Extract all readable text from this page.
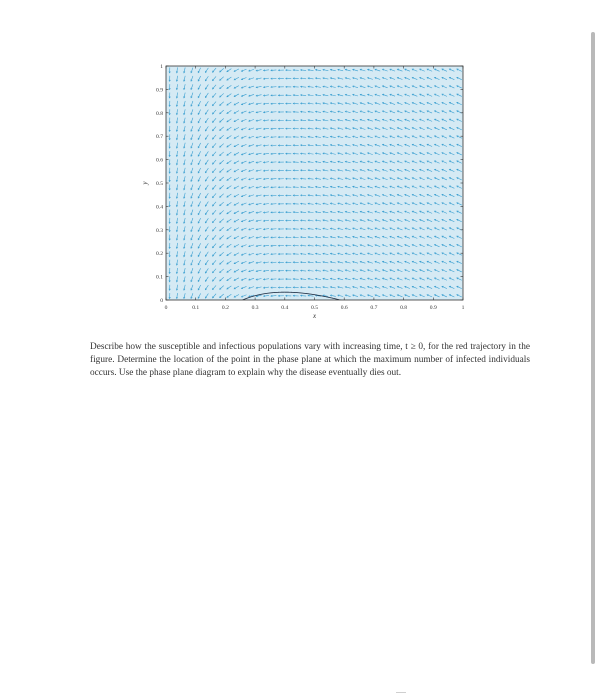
0	0.1	0.2	0.3	0.4	0.5	0.6	0.7	0.8	0.9	1
0
0.1
0.2
0.3
0.4
0.5
0.6
0.7
0.8
0.9
1
x
y
Describe how the susceptible and infectious populations vary with increasing time, t ≥ 0, for the red trajectory in the figure. Determine the location of the point in the phase plane at which the maximum number of infected individuals occurs. Use the phase plane diagram to explain why the disease eventually dies out.
